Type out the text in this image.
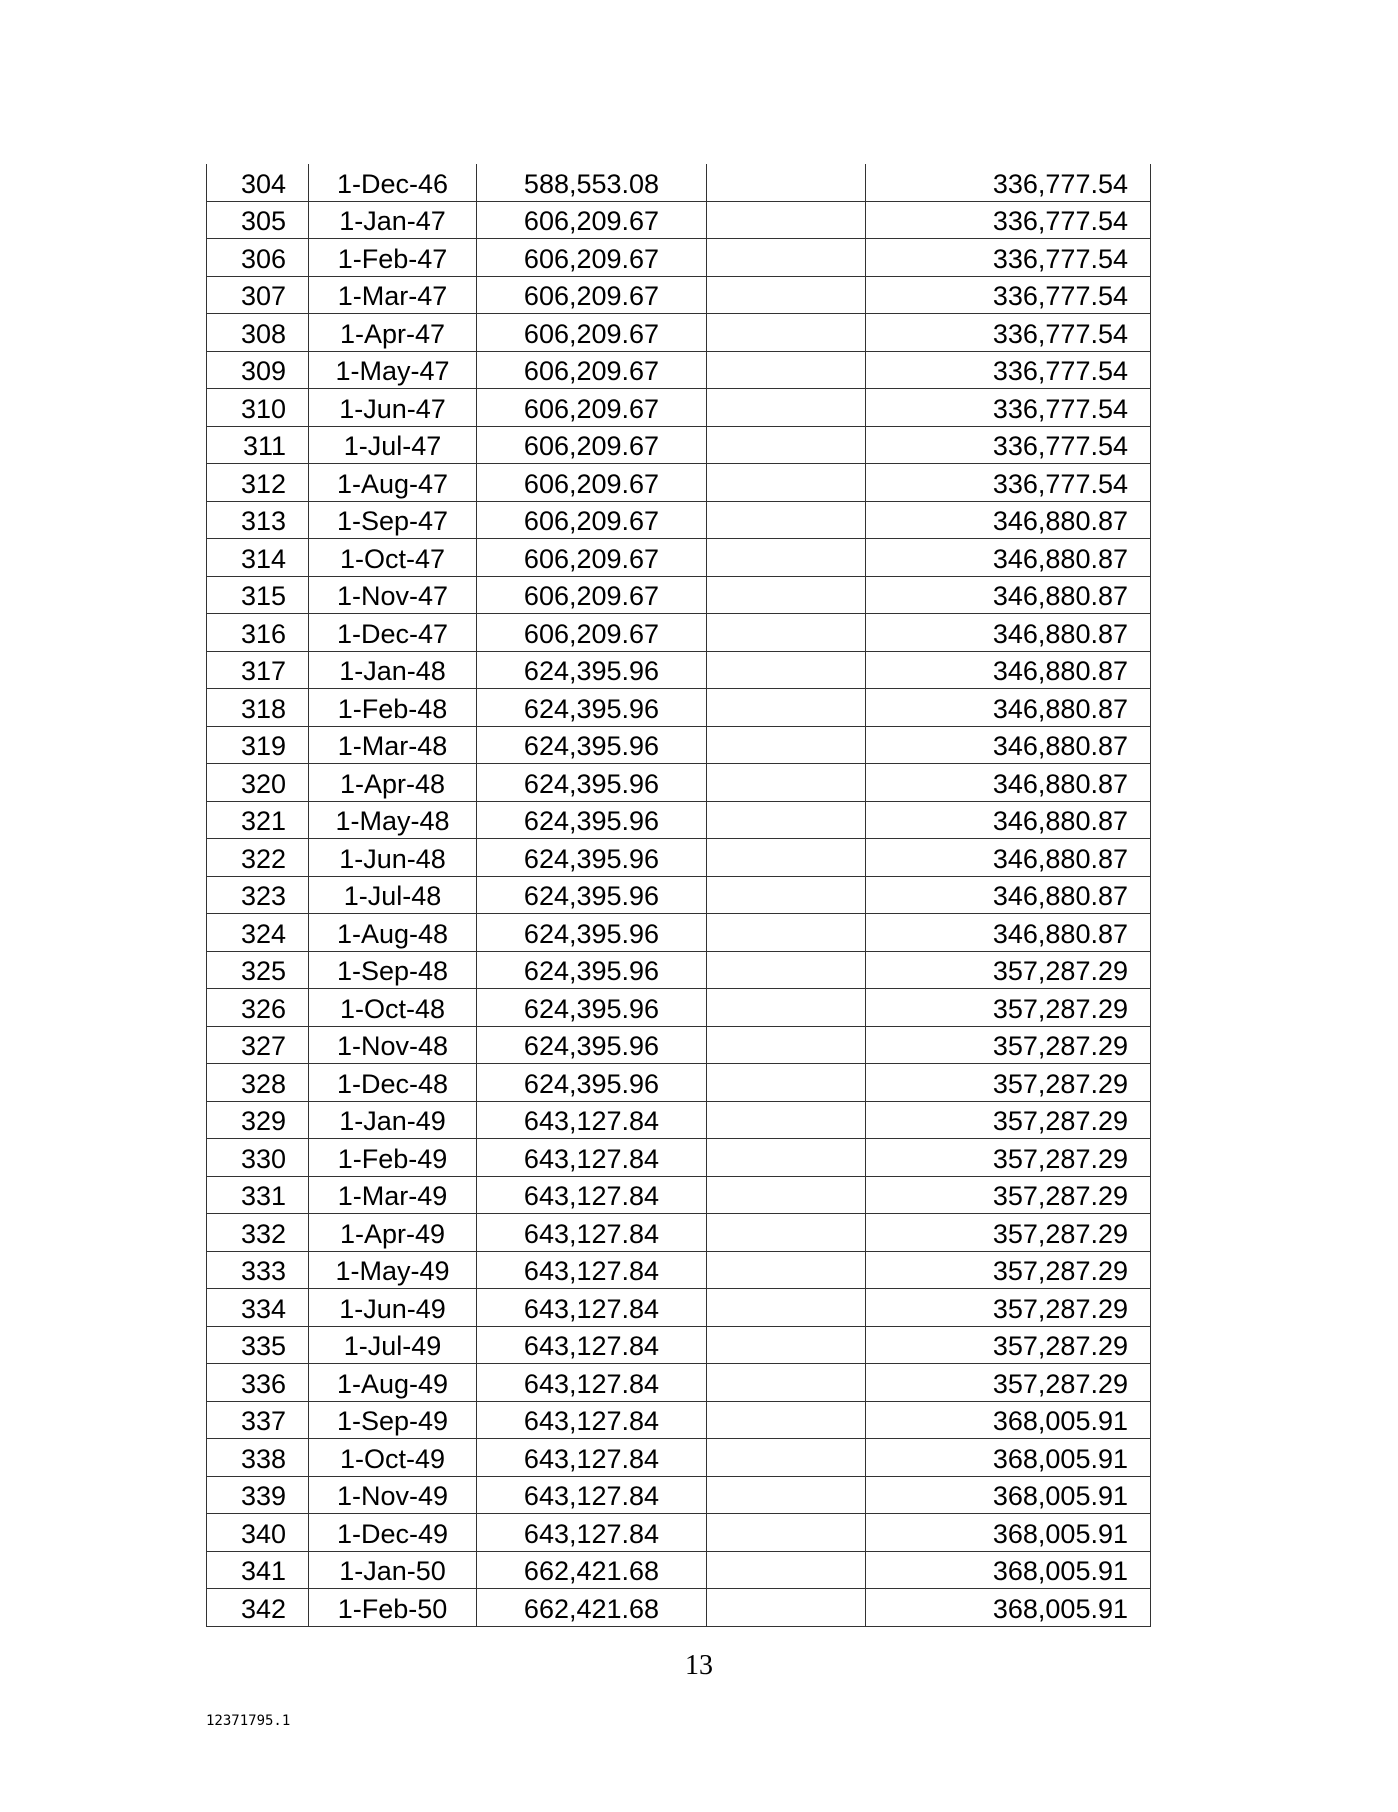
304	1-Dec-46	588,553.08		336,777.54
305	1-Jan-47	606,209.67		336,777.54
306	1-Feb-47	606,209.67		336,777.54
307	1-Mar-47	606,209.67		336,777.54
308	1-Apr-47	606,209.67		336,777.54
309	1-May-47	606,209.67		336,777.54
310	1-Jun-47	606,209.67		336,777.54
311	1-Jul-47	606,209.67		336,777.54
312	1-Aug-47	606,209.67		336,777.54
313	1-Sep-47	606,209.67		346,880.87
314	1-Oct-47	606,209.67		346,880.87
315	1-Nov-47	606,209.67		346,880.87
316	1-Dec-47	606,209.67		346,880.87
317	1-Jan-48	624,395.96		346,880.87
318	1-Feb-48	624,395.96		346,880.87
319	1-Mar-48	624,395.96		346,880.87
320	1-Apr-48	624,395.96		346,880.87
321	1-May-48	624,395.96		346,880.87
322	1-Jun-48	624,395.96		346,880.87
323	1-Jul-48	624,395.96		346,880.87
324	1-Aug-48	624,395.96		346,880.87
325	1-Sep-48	624,395.96		357,287.29
326	1-Oct-48	624,395.96		357,287.29
327	1-Nov-48	624,395.96		357,287.29
328	1-Dec-48	624,395.96		357,287.29
329	1-Jan-49	643,127.84		357,287.29
330	1-Feb-49	643,127.84		357,287.29
331	1-Mar-49	643,127.84		357,287.29
332	1-Apr-49	643,127.84		357,287.29
333	1-May-49	643,127.84		357,287.29
334	1-Jun-49	643,127.84		357,287.29
335	1-Jul-49	643,127.84		357,287.29
336	1-Aug-49	643,127.84		357,287.29
337	1-Sep-49	643,127.84		368,005.91
338	1-Oct-49	643,127.84		368,005.91
339	1-Nov-49	643,127.84		368,005.91
340	1-Dec-49	643,127.84		368,005.91
341	1-Jan-50	662,421.68		368,005.91
342	1-Feb-50	662,421.68		368,005.91
13
12371795.1
